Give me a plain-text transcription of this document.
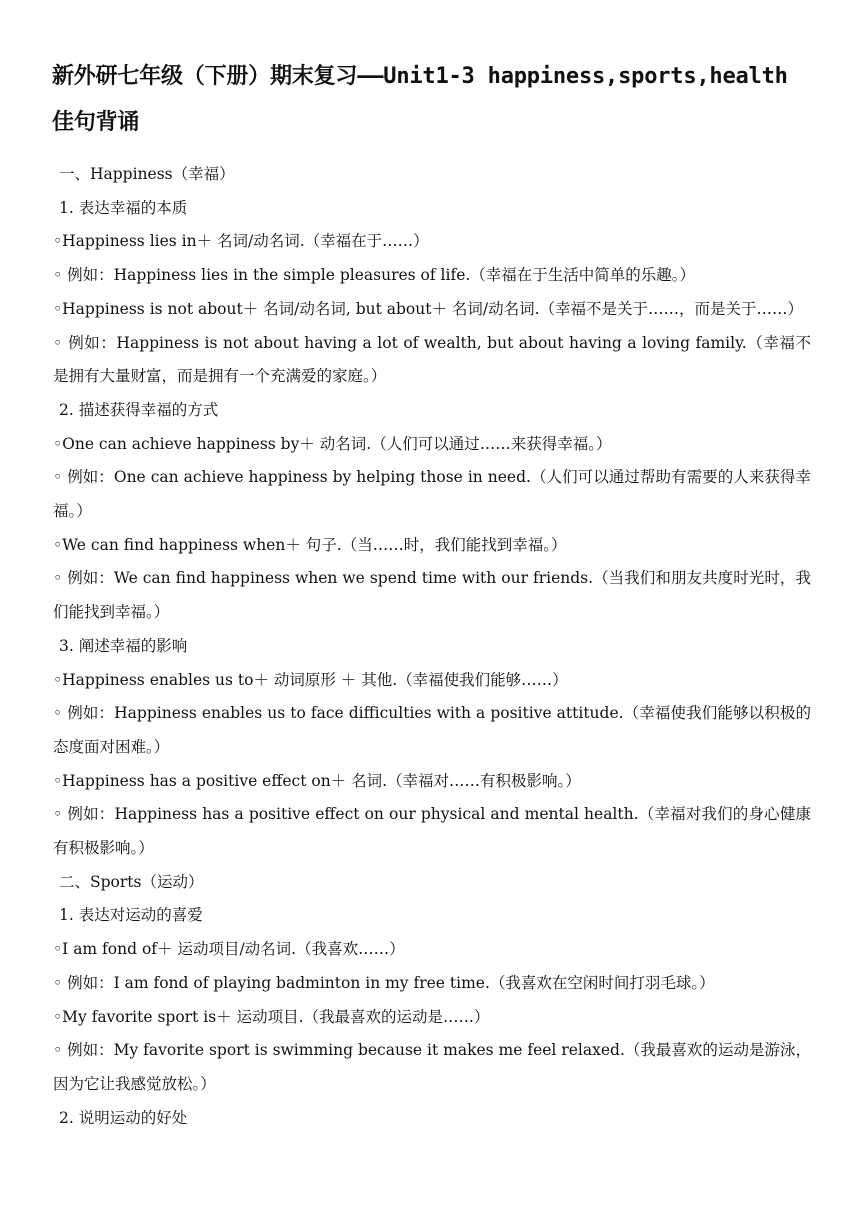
新外研七年级（下册）期末复习——Unit1-3 happiness,sports,health
佳句背诵

一、Happiness（幸福）

1. 表达幸福的本质

◦Happiness lies in＋ 名词/动名词.（幸福在于……）

◦ 例如：Happiness lies in the simple pleasures of life.（幸福在于生活中简单的乐趣。）

◦Happiness is not about＋ 名词/动名词, but about＋ 名词/动名词.（幸福不是关于……，而是关于……）

◦ 例如：Happiness is not about having a lot of wealth, but about having a loving family.（幸福不是拥有大量财富，而是拥有一个充满爱的家庭。）

2. 描述获得幸福的方式

◦One can achieve happiness by＋ 动名词.（人们可以通过……来获得幸福。）

◦ 例如：One can achieve happiness by helping those in need.（人们可以通过帮助有需要的人来获得幸福。）

◦We can find happiness when＋ 句子.（当……时，我们能找到幸福。）

◦ 例如：We can find happiness when we spend time with our friends.（当我们和朋友共度时光时，我们能找到幸福。）

3. 阐述幸福的影响

◦Happiness enables us to＋ 动词原形 ＋ 其他.（幸福使我们能够……）

◦ 例如：Happiness enables us to face difficulties with a positive attitude.（幸福使我们能够以积极的态度面对困难。）

◦Happiness has a positive effect on＋ 名词.（幸福对……有积极影响。）

◦ 例如：Happiness has a positive effect on our physical and mental health.（幸福对我们的身心健康有积极影响。）

二、Sports（运动）

1. 表达对运动的喜爱

◦I am fond of＋ 运动项目/动名词.（我喜欢……）

◦ 例如：I am fond of playing badminton in my free time.（我喜欢在空闲时间打羽毛球。）

◦My favorite sport is＋ 运动项目.（我最喜欢的运动是……）

◦ 例如：My favorite sport is swimming because it makes me feel relaxed.（我最喜欢的运动是游泳，因为它让我感觉放松。）

2. 说明运动的好处
